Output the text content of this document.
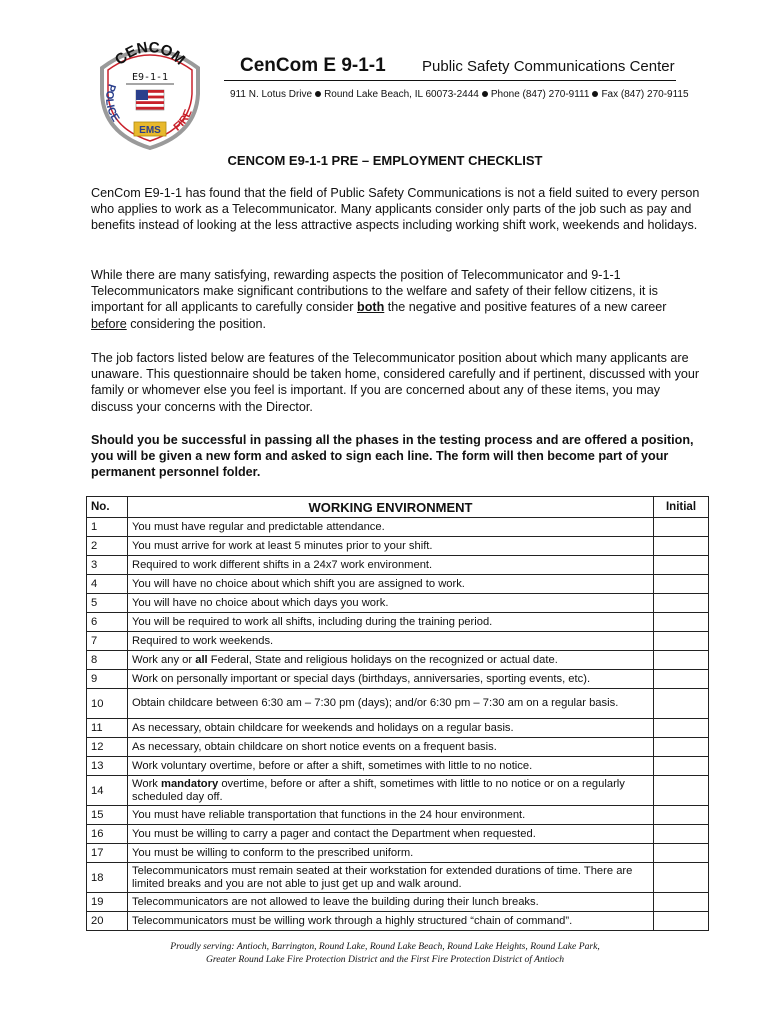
CENCOM
E9-1-1
POLICE
FIRE
EMS
CenCom E 9-1-1 Public Safety Communications Center
911 N. Lotus Drive Round Lake Beach, IL 60073-2444 Phone (847) 270-9111 Fax (847) 270-9115
CENCOM E9-1-1 PRE – EMPLOYMENT CHECKLIST

CenCom E9-1-1 has found that the field of Public Safety Communications is not a field suited to every person who applies to work as a Telecommunicator. Many applicants consider only parts of the job such as pay and benefits instead of looking at the less attractive aspects including working shift work, weekends and holidays.

While there are many satisfying, rewarding aspects the position of Telecommunicator and 9-1-1 Telecommunicators make significant contributions to the welfare and safety of their fellow citizens, it is important for all applicants to carefully consider both the negative and positive features of a new career before considering the position.

The job factors listed below are features of the Telecommunicator position about which many applicants are unaware. This questionnaire should be taken home, considered carefully and if pertinent, discussed with your family or whomever else you feel is important. If you are concerned about any of these items, you may discuss your concerns with the Director.

Should you be successful in passing all the phases in the testing process and are offered a position, you will be given a new form and asked to sign each line. The form will then become part of your permanent personnel folder.

No.	WORKING ENVIRONMENT	Initial
1	You must have regular and predictable attendance.	
2	You must arrive for work at least 5 minutes prior to your shift.	
3	Required to work different shifts in a 24x7 work environment.	
4	You will have no choice about which shift you are assigned to work.	
5	You will have no choice about which days you work.	
6	You will be required to work all shifts, including during the training period.	
7	Required to work weekends.	
8	Work any or all Federal, State and religious holidays on the recognized or actual date.	
9	Work on personally important or special days (birthdays, anniversaries, sporting events, etc).	
10	Obtain childcare between 6:30 am – 7:30 pm (days); and/or 6:30 pm – 7:30 am on a regular basis.	
11	As necessary, obtain childcare for weekends and holidays on a regular basis.	
12	As necessary, obtain childcare on short notice events on a frequent basis.	
13	Work voluntary overtime, before or after a shift, sometimes with little to no notice.	
14	Work mandatory overtime, before or after a shift, sometimes with little to no notice or on a regularly scheduled day off.	
15	You must have reliable transportation that functions in the 24 hour environment.	
16	You must be willing to carry a pager and contact the Department when requested.	
17	You must be willing to conform to the prescribed uniform.	
18	Telecommunicators must remain seated at their workstation for extended durations of time. There are limited breaks and you are not able to just get up and walk around.	
19	Telecommunicators are not allowed to leave the building during their lunch breaks.	
20	Telecommunicators must be willing work through a highly structured “chain of command”.	
Proudly serving: Antioch, Barrington, Round Lake, Round Lake Beach, Round Lake Heights, Round Lake Park,
Greater Round Lake Fire Protection District and the First Fire Protection District of Antioch
